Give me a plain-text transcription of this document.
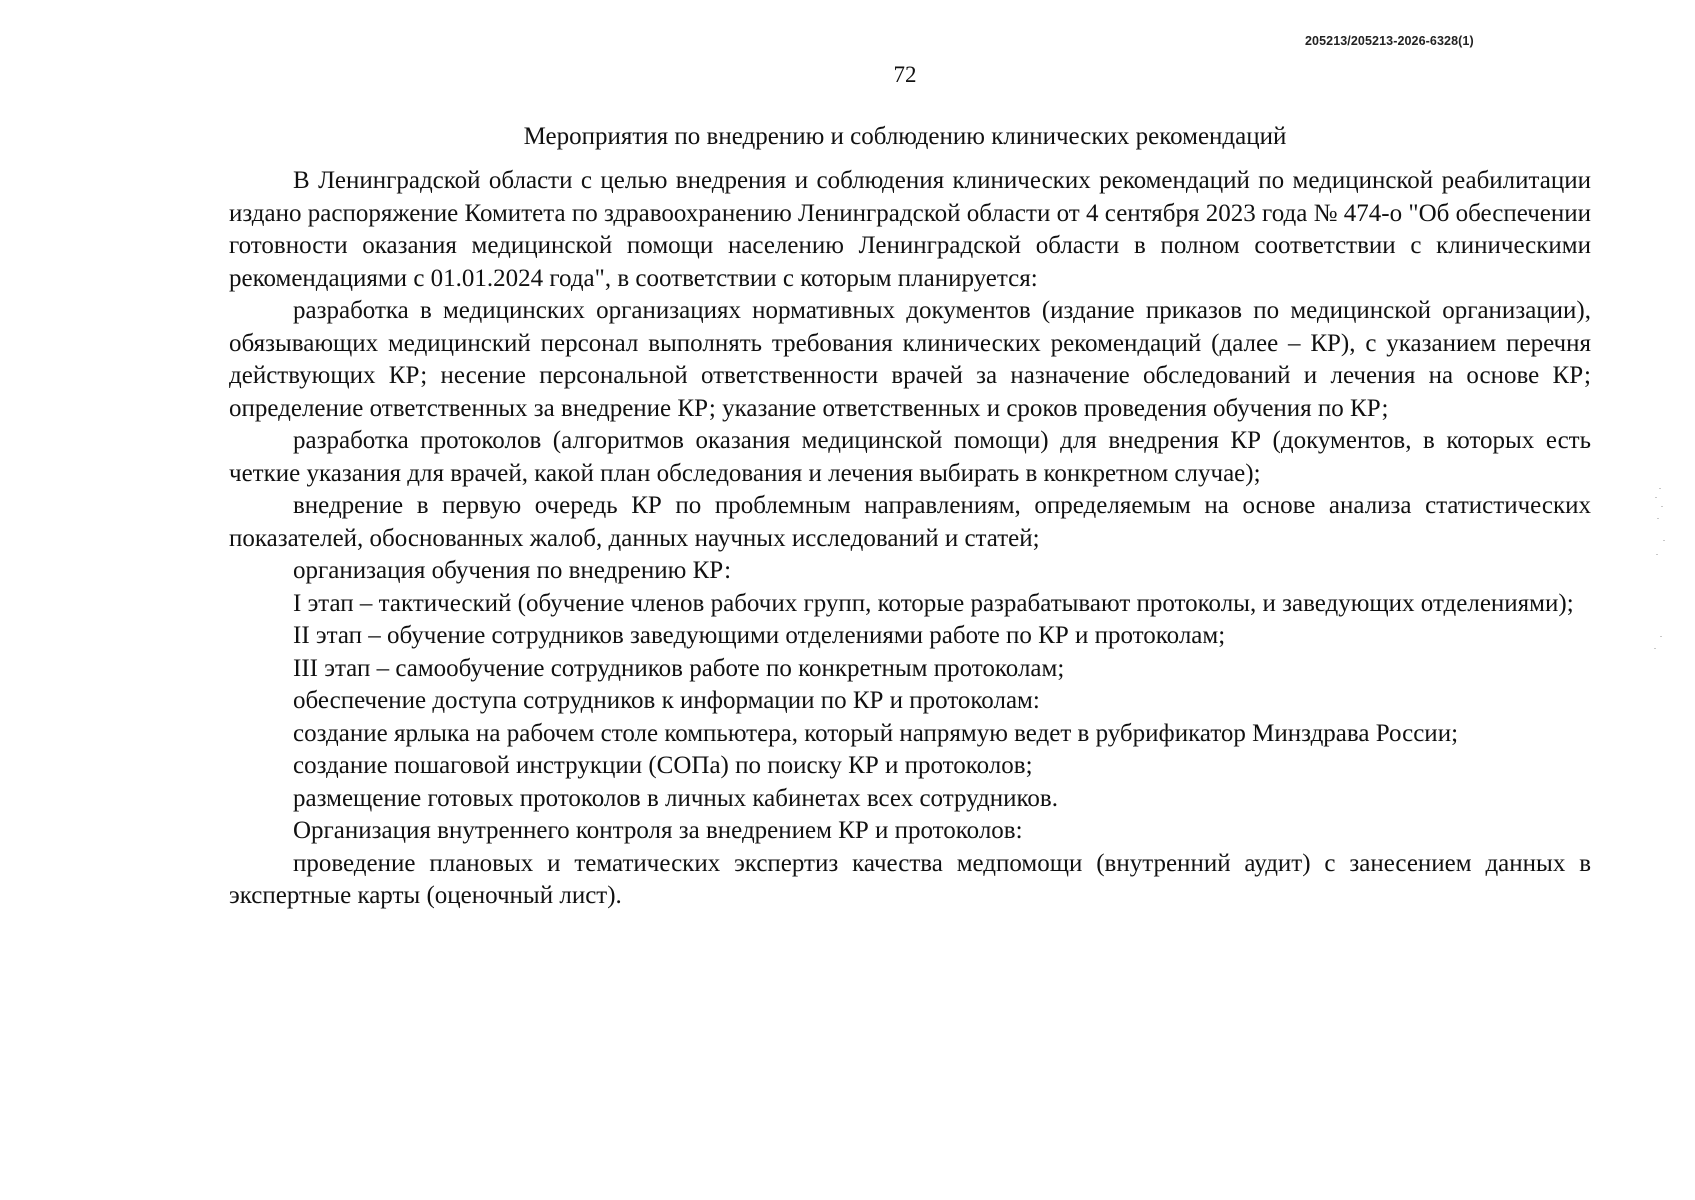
205213/205213-2026-6328(1)
72
Мероприятия по внедрению и соблюдению клинических рекомендаций

В Ленинградской области с целью внедрения и соблюдения клинических рекомендаций по медицинской реабилитации издано распоряжение Комитета по здравоохранению Ленинградской области от 4 сентября 2023 года № 474-о "Об обеспечении готовности оказания медицинской помощи населению Ленинградской области в полном соответствии с клиническими рекомендациями с 01.01.2024 года", в соответствии с которым планируется:

разработка в медицинских организациях нормативных документов (издание приказов по медицинской организации), обязывающих медицинский персонал выполнять требования клинических рекомендаций (далее – КР), с указанием перечня действующих КР; несение персональной ответственности врачей за назначение обследований и лечения на основе КР; определение ответственных за внедрение КР; указание ответственных и сроков проведения обучения по КР;

разработка протоколов (алгоритмов оказания медицинской помощи) для внедрения КР (документов, в которых есть четкие указания для врачей, какой план обследования и лечения выбирать в конкретном случае);

внедрение в первую очередь КР по проблемным направлениям, определяемым на основе анализа статистических показателей, обоснованных жалоб, данных научных исследований и статей;

организация обучения по внедрению КР:

I этап – тактический (обучение членов рабочих групп, которые разрабатывают протоколы, и заведующих отделениями);

II этап – обучение сотрудников заведующими отделениями работе по КР и протоколам;

III этап – самообучение сотрудников работе по конкретным протоколам;

обеспечение доступа сотрудников к информации по КР и протоколам:

создание ярлыка на рабочем столе компьютера, который напрямую ведет в рубрификатор Минздрава России;

создание пошаговой инструкции (СОПа) по поиску КР и протоколов;

размещение готовых протоколов в личных кабинетах всех сотрудников.

Организация внутреннего контроля за внедрением КР и протоколов:

проведение плановых и тематических экспертиз качества медпомощи (внутренний аудит) с занесением данных в экспертные карты (оценочный лист).
